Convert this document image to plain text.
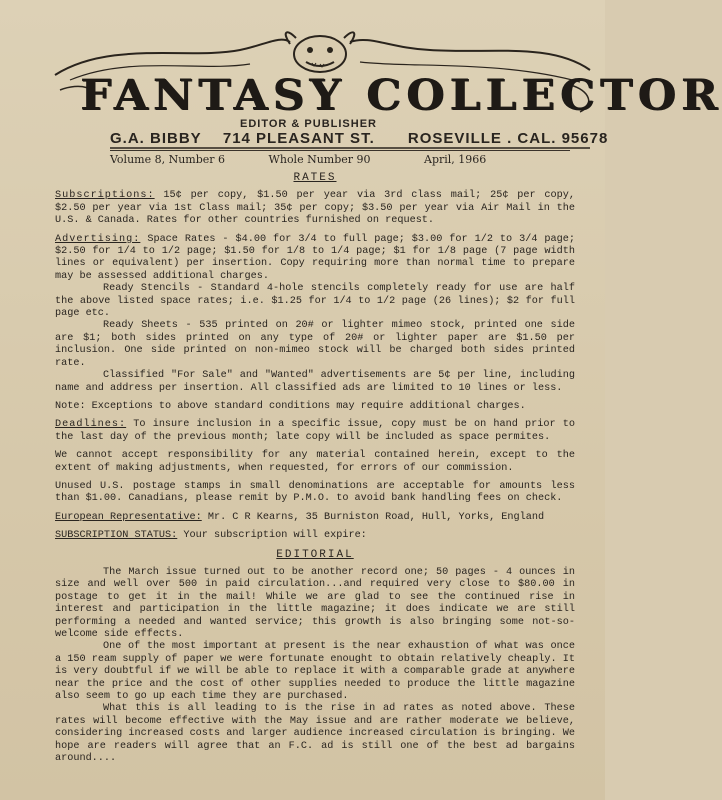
FANTASY COLLECTOR
EDITOR & PUBLISHER
G.A. BIBBY 714 PLEASANT ST. ROSEVILLE . CAL. 95678
Volume 8, Number 6	Whole Number 90	April, 1966
RATES

Subscriptions: 15¢ per copy, $1.50 per year via 3rd class mail; 25¢ per copy, $2.50 per year via 1st Class mail; 35¢ per copy; $3.50 per year via Air Mail in the U.S. & Canada. Rates for other countries furnished on request.

Advertising: Space Rates - $4.00 for 3/4 to full page; $3.00 for 1/2 to 3/4 page; $2.50 for 1/4 to 1/2 page; $1.50 for 1/8 to 1/4 page; $1 for 1/8 page (7 page width lines or equivalent) per insertion. Copy requiring more than normal time to prepare may be assessed additional charges.

Ready Stencils - Standard 4-hole stencils completely ready for use are half the above listed space rates; i.e. $1.25 for 1/4 to 1/2 page (26 lines); $2 for full page etc.

Ready Sheets - 535 printed on 20# or lighter mimeo stock, printed one side are $1; both sides printed on any type of 20# or lighter paper are $1.50 per inclusion. One side printed on non-mimeo stock will be charged both sides printed rate.

Classified "For Sale" and "Wanted" advertisements are 5¢ per line, including name and address per insertion. All classified ads are limited to 10 lines or less.

Note: Exceptions to above standard conditions may require additional charges.

Deadlines: To insure inclusion in a specific issue, copy must be on hand prior to the last day of the previous month; late copy will be included as space permites.

We cannot accept responsibility for any material contained herein, except to the extent of making adjustments, when requested, for errors of our commission.

Unused U.S. postage stamps in small denominations are acceptable for amounts less than $1.00. Canadians, please remit by P.M.O. to avoid bank handling fees on check.

European Representative: Mr. C R Kearns, 35 Burniston Road, Hull, Yorks, England

SUBSCRIPTION STATUS: Your subscription will expire:

EDITORIAL

The March issue turned out to be another record one; 50 pages - 4 ounces in size and well over 500 in paid circulation...and required very close to $80.00 in postage to get it in the mail! While we are glad to see the continued rise in interest and participation in the little magazine; it does indicate we are still performing a needed and wanted service; this growth is also bringing some not-so-welcome side effects.

One of the most important at present is the near exhaustion of what was once a 150 ream supply of paper we were fortunate enought to obtain relatively cheaply. It is very doubtful if we will be able to replace it with a comparable grade at anywhere near the price and the cost of other supplies needed to produce the little magazine also seem to go up each time they are purchased.

What this is all leading to is the rise in ad rates as noted above. These rates will become effective with the May issue and are rather moderate we believe, considering increased costs and larger audience increased circulation is bringing. We hope are readers will agree that an F.C. ad is still one of the best ad bargains around....
